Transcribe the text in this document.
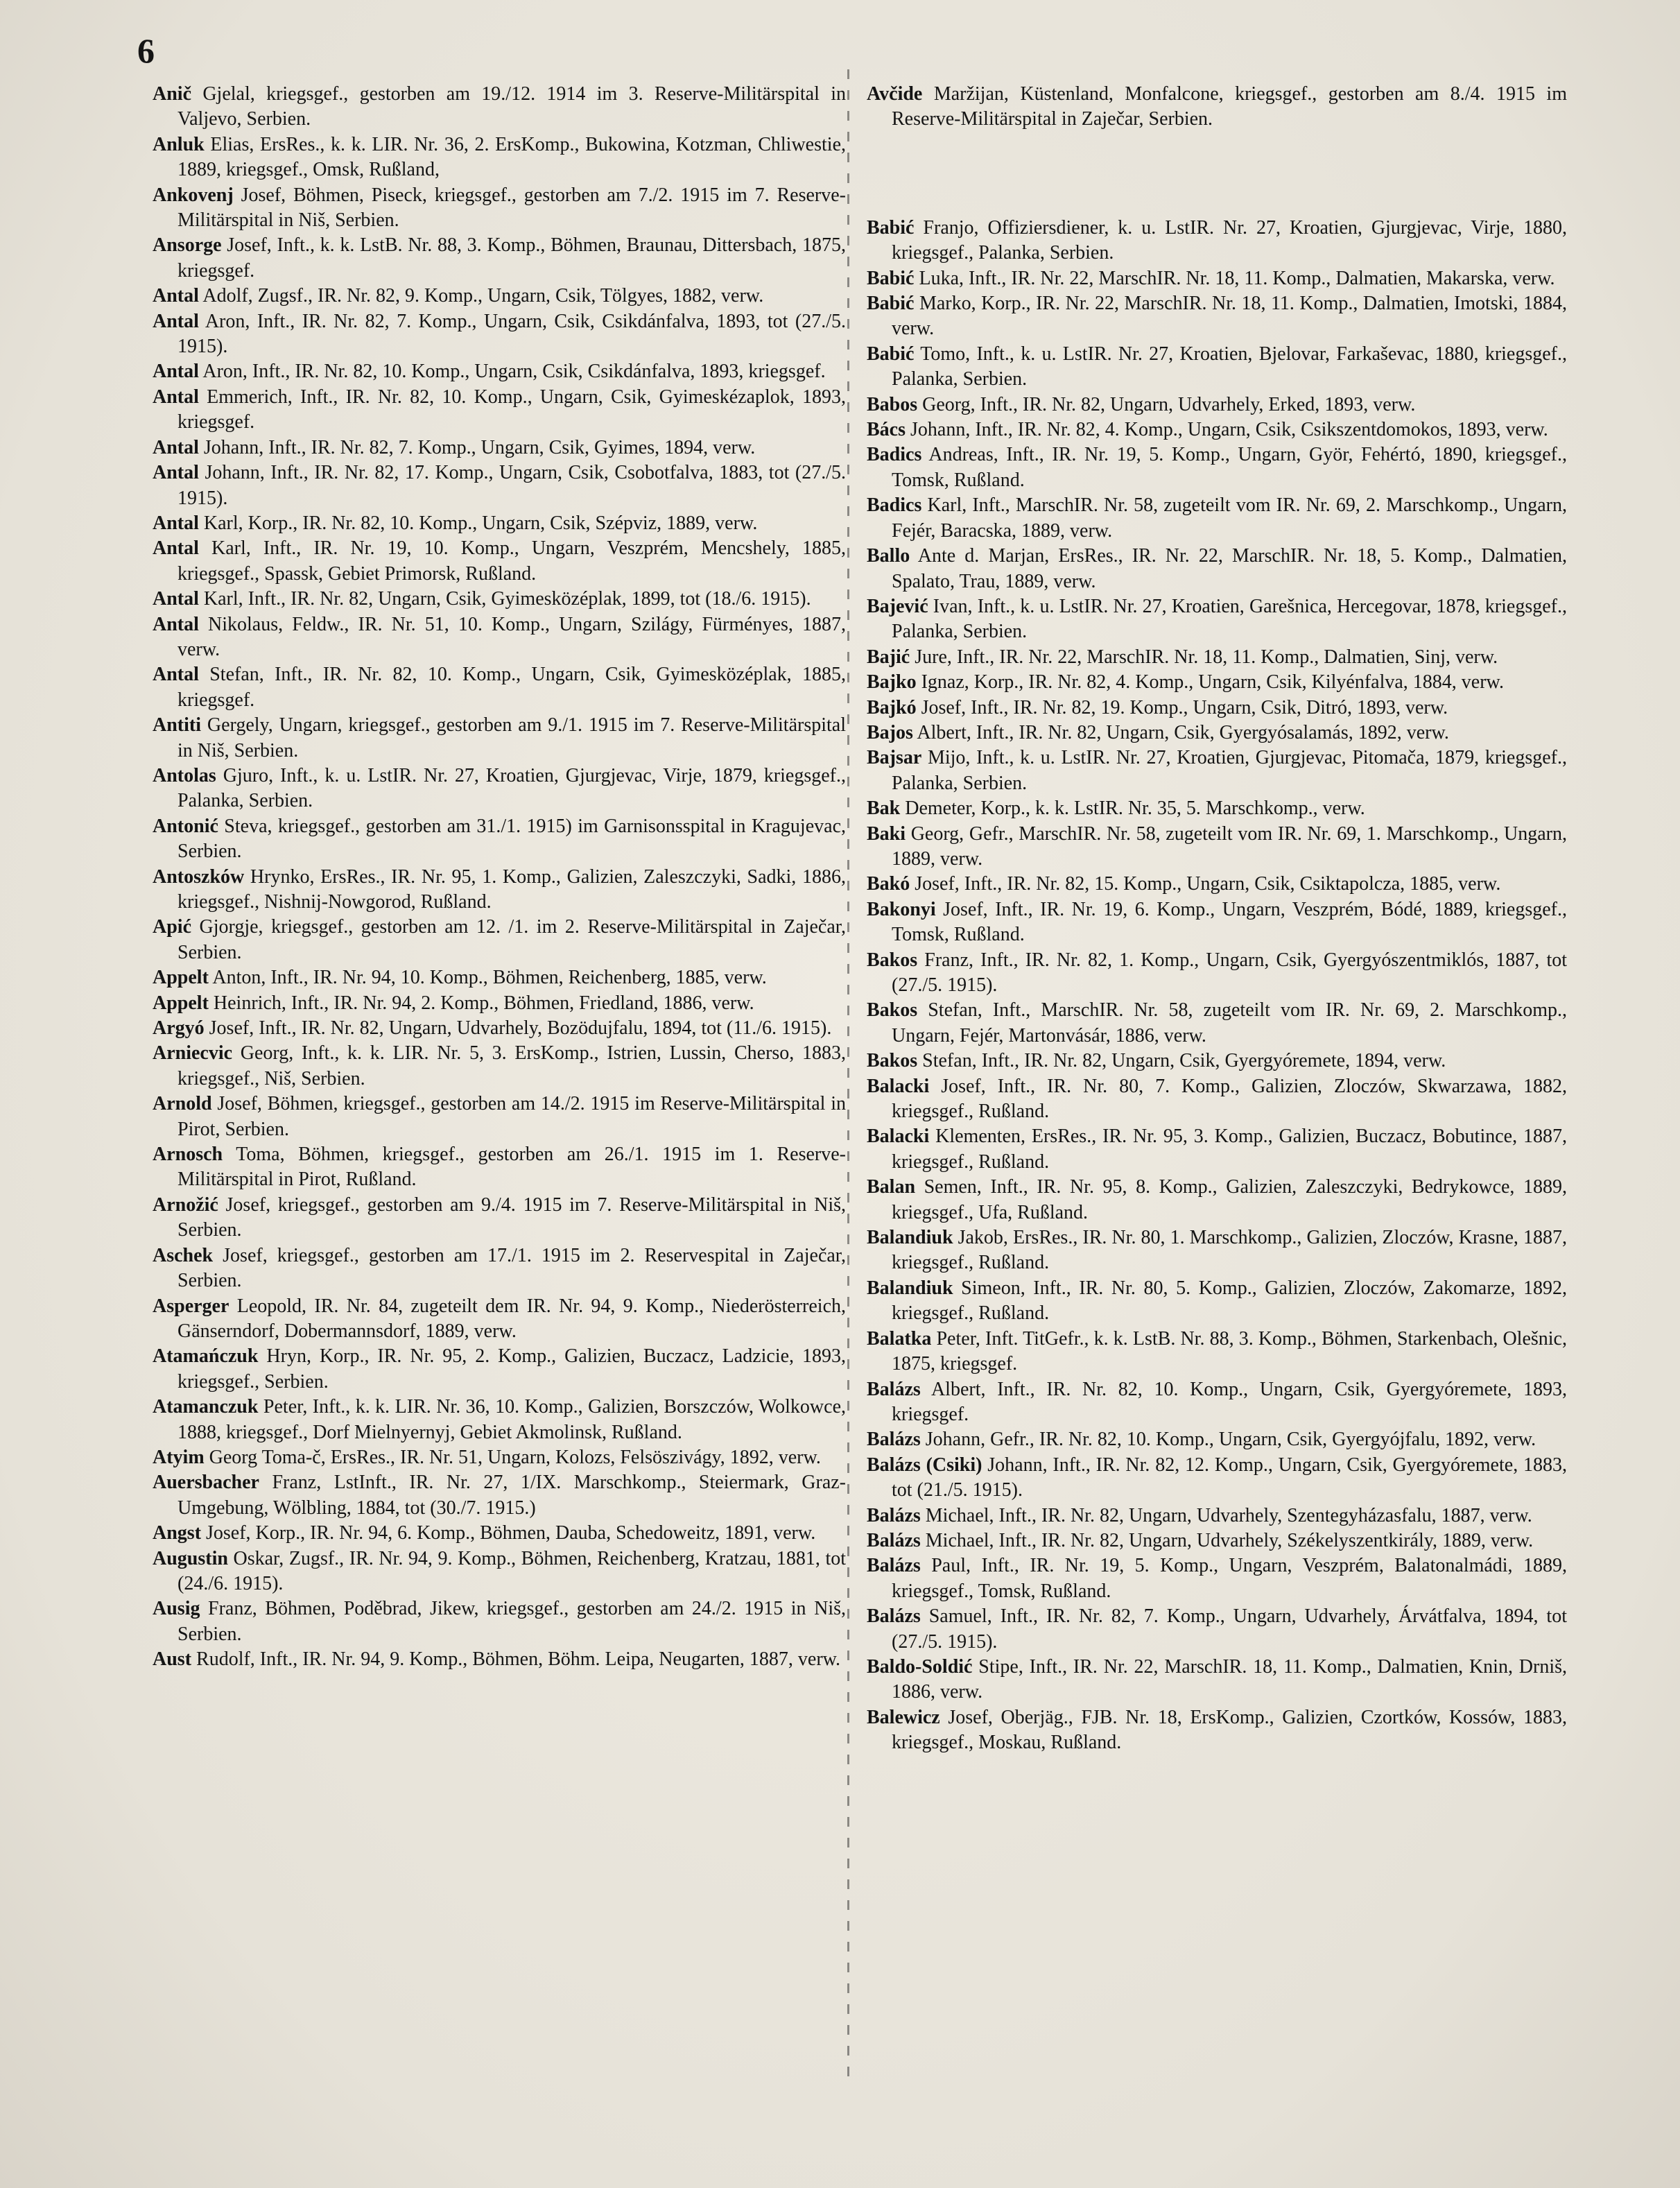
6

Anič Gjelal, kriegsgef., gestorben am 19./12. 1914 im 3. Reserve-Militärspital in Valjevo, Serbien.

Anluk Elias, ErsRes., k. k. LIR. Nr. 36, 2. ErsKomp., Bukowina, Kotzman, Chliwestie, 1889, kriegsgef., Omsk, Rußland,

Ankovenj Josef, Böhmen, Piseck, kriegsgef., gestorben am 7./2. 1915 im 7. Reserve-Militärspital in Niš, Serbien.

Ansorge Josef, Inft., k. k. LstB. Nr. 88, 3. Komp., Böhmen, Braunau, Dittersbach, 1875, kriegsgef.

Antal Adolf, Zugsf., IR. Nr. 82, 9. Komp., Ungarn, Csik, Tölgyes, 1882, verw.

Antal Aron, Inft., IR. Nr. 82, 7. Komp., Ungarn, Csik, Csikdánfalva, 1893, tot (27./5. 1915).

Antal Aron, Inft., IR. Nr. 82, 10. Komp., Ungarn, Csik, Csikdánfalva, 1893, kriegsgef.

Antal Emmerich, Inft., IR. Nr. 82, 10. Komp., Ungarn, Csik, Gyimeskézaplok, 1893, kriegsgef.

Antal Johann, Inft., IR. Nr. 82, 7. Komp., Ungarn, Csik, Gyimes, 1894, verw.

Antal Johann, Inft., IR. Nr. 82, 17. Komp., Ungarn, Csik, Csobotfalva, 1883, tot (27./5. 1915).

Antal Karl, Korp., IR. Nr. 82, 10. Komp., Ungarn, Csik, Szépviz, 1889, verw.

Antal Karl, Inft., IR. Nr. 19, 10. Komp., Ungarn, Veszprém, Mencshely, 1885, kriegsgef., Spassk, Gebiet Primorsk, Rußland.

Antal Karl, Inft., IR. Nr. 82, Ungarn, Csik, Gyimesközéplak, 1899, tot (18./6. 1915).

Antal Nikolaus, Feldw., IR. Nr. 51, 10. Komp., Ungarn, Szilágy, Fürményes, 1887, verw.

Antal Stefan, Inft., IR. Nr. 82, 10. Komp., Ungarn, Csik, Gyimesközéplak, 1885, kriegsgef.

Antiti Gergely, Ungarn, kriegsgef., gestorben am 9./1. 1915 im 7. Reserve-Militärspital in Niš, Serbien.

Antolas Gjuro, Inft., k. u. LstIR. Nr. 27, Kroatien, Gjurgjevac, Virje, 1879, kriegsgef., Palanka, Serbien.

Antonić Steva, kriegsgef., gestorben am 31./1. 1915) im Garnisonsspital in Kragujevac, Serbien.

Antoszków Hrynko, ErsRes., IR. Nr. 95, 1. Komp., Galizien, Zaleszczyki, Sadki, 1886, kriegsgef., Nishnij-Nowgorod, Rußland.

Apić Gjorgje, kriegsgef., gestorben am 12. /1. im 2. Reserve-Militärspital in Zaječar, Serbien.

Appelt Anton, Inft., IR. Nr. 94, 10. Komp., Böhmen, Reichenberg, 1885, verw.

Appelt Heinrich, Inft., IR. Nr. 94, 2. Komp., Böhmen, Friedland, 1886, verw.

Argyó Josef, Inft., IR. Nr. 82, Ungarn, Udvarhely, Bozödujfalu, 1894, tot (11./6. 1915).

Arniecvic Georg, Inft., k. k. LIR. Nr. 5, 3. ErsKomp., Istrien, Lussin, Cherso, 1883, kriegsgef., Niš, Serbien.

Arnold Josef, Böhmen, kriegsgef., gestorben am 14./2. 1915 im Reserve-Militärspital in Pirot, Serbien.

Arnosch Toma, Böhmen, kriegsgef., gestorben am 26./1. 1915 im 1. Reserve-Militärspital in Pirot, Rußland.

Arnožić Josef, kriegsgef., gestorben am 9./4. 1915 im 7. Reserve-Militärspital in Niš, Serbien.

Aschek Josef, kriegsgef., gestorben am 17./1. 1915 im 2. Reservespital in Zaječar, Serbien.

Asperger Leopold, IR. Nr. 84, zugeteilt dem IR. Nr. 94, 9. Komp., Niederösterreich, Gänserndorf, Dobermannsdorf, 1889, verw.

Atamańczuk Hryn, Korp., IR. Nr. 95, 2. Komp., Galizien, Buczacz, Ladzicie, 1893, kriegsgef., Serbien.

Atamanczuk Peter, Inft., k. k. LIR. Nr. 36, 10. Komp., Galizien, Borszczów, Wolkowce, 1888, kriegsgef., Dorf Mielnyernyj, Gebiet Akmolinsk, Rußland.

Atyim Georg Toma-č, ErsRes., IR. Nr. 51, Ungarn, Kolozs, Felsöszivágy, 1892, verw.

Auersbacher Franz, LstInft., IR. Nr. 27, 1/IX. Marschkomp., Steiermark, Graz-Umgebung, Wölbling, 1884, tot (30./7. 1915.)

Angst Josef, Korp., IR. Nr. 94, 6. Komp., Böhmen, Dauba, Schedoweitz, 1891, verw.

Augustin Oskar, Zugsf., IR. Nr. 94, 9. Komp., Böhmen, Reichenberg, Kratzau, 1881, tot (24./6. 1915).

Ausig Franz, Böhmen, Poděbrad, Jikew, kriegsgef., gestorben am 24./2. 1915 in Niš, Serbien.

Aust Rudolf, Inft., IR. Nr. 94, 9. Komp., Böhmen, Böhm. Leipa, Neugarten, 1887, verw.

Avčide Maržijan, Küstenland, Monfalcone, kriegsgef., gestorben am 8./4. 1915 im Reserve-Militärspital in Zaječar, Serbien.

Babić Franjo, Offiziersdiener, k. u. LstIR. Nr. 27, Kroatien, Gjurgjevac, Virje, 1880, kriegsgef., Palanka, Serbien.

Babić Luka, Inft., IR. Nr. 22, MarschIR. Nr. 18, 11. Komp., Dalmatien, Makarska, verw.

Babić Marko, Korp., IR. Nr. 22, MarschIR. Nr. 18, 11. Komp., Dalmatien, Imotski, 1884, verw.

Babić Tomo, Inft., k. u. LstIR. Nr. 27, Kroatien, Bjelovar, Farkaševac, 1880, kriegsgef., Palanka, Serbien.

Babos Georg, Inft., IR. Nr. 82, Ungarn, Udvarhely, Erked, 1893, verw.

Bács Johann, Inft., IR. Nr. 82, 4. Komp., Ungarn, Csik, Csikszentdomokos, 1893, verw.

Badics Andreas, Inft., IR. Nr. 19, 5. Komp., Ungarn, Györ, Fehértó, 1890, kriegsgef., Tomsk, Rußland.

Badics Karl, Inft., MarschIR. Nr. 58, zugeteilt vom IR. Nr. 69, 2. Marschkomp., Ungarn, Fejér, Baracska, 1889, verw.

Ballo Ante d. Marjan, ErsRes., IR. Nr. 22, MarschIR. Nr. 18, 5. Komp., Dalmatien, Spalato, Trau, 1889, verw.

Bajević Ivan, Inft., k. u. LstIR. Nr. 27, Kroatien, Garešnica, Hercegovar, 1878, kriegsgef., Palanka, Serbien.

Bajić Jure, Inft., IR. Nr. 22, MarschIR. Nr. 18, 11. Komp., Dalmatien, Sinj, verw.

Bajko Ignaz, Korp., IR. Nr. 82, 4. Komp., Ungarn, Csik, Kilyénfalva, 1884, verw.

Bajkó Josef, Inft., IR. Nr. 82, 19. Komp., Ungarn, Csik, Ditró, 1893, verw.

Bajos Albert, Inft., IR. Nr. 82, Ungarn, Csik, Gyergyósalamás, 1892, verw.

Bajsar Mijo, Inft., k. u. LstIR. Nr. 27, Kroatien, Gjurgjevac, Pitomača, 1879, kriegsgef., Palanka, Serbien.

Bak Demeter, Korp., k. k. LstIR. Nr. 35, 5. Marschkomp., verw.

Baki Georg, Gefr., MarschIR. Nr. 58, zugeteilt vom IR. Nr. 69, 1. Marschkomp., Ungarn, 1889, verw.

Bakó Josef, Inft., IR. Nr. 82, 15. Komp., Ungarn, Csik, Csiktapolcza, 1885, verw.

Bakonyi Josef, Inft., IR. Nr. 19, 6. Komp., Ungarn, Veszprém, Bódé, 1889, kriegsgef., Tomsk, Rußland.

Bakos Franz, Inft., IR. Nr. 82, 1. Komp., Ungarn, Csik, Gyergyószentmiklós, 1887, tot (27./5. 1915).

Bakos Stefan, Inft., MarschIR. Nr. 58, zugeteilt vom IR. Nr. 69, 2. Marschkomp., Ungarn, Fejér, Martonvásár, 1886, verw.

Bakos Stefan, Inft., IR. Nr. 82, Ungarn, Csik, Gyergyóremete, 1894, verw.

Balacki Josef, Inft., IR. Nr. 80, 7. Komp., Galizien, Zloczów, Skwarzawa, 1882, kriegsgef., Rußland.

Balacki Klementen, ErsRes., IR. Nr. 95, 3. Komp., Galizien, Buczacz, Bobutince, 1887, kriegsgef., Rußland.

Balan Semen, Inft., IR. Nr. 95, 8. Komp., Galizien, Zaleszczyki, Bedrykowce, 1889, kriegsgef., Ufa, Rußland.

Balandiuk Jakob, ErsRes., IR. Nr. 80, 1. Marschkomp., Galizien, Zloczów, Krasne, 1887, kriegsgef., Rußland.

Balandiuk Simeon, Inft., IR. Nr. 80, 5. Komp., Galizien, Zloczów, Zakomarze, 1892, kriegsgef., Rußland.

Balatka Peter, Inft. TitGefr., k. k. LstB. Nr. 88, 3. Komp., Böhmen, Starkenbach, Olešnic, 1875, kriegsgef.

Balázs Albert, Inft., IR. Nr. 82, 10. Komp., Ungarn, Csik, Gyergyóremete, 1893, kriegsgef.

Balázs Johann, Gefr., IR. Nr. 82, 10. Komp., Ungarn, Csik, Gyergyójfalu, 1892, verw.

Balázs (Csiki) Johann, Inft., IR. Nr. 82, 12. Komp., Ungarn, Csik, Gyergyóremete, 1883, tot (21./5. 1915).

Balázs Michael, Inft., IR. Nr. 82, Ungarn, Udvarhely, Szentegyházasfalu, 1887, verw.

Balázs Michael, Inft., IR. Nr. 82, Ungarn, Udvarhely, Székelyszentkirály, 1889, verw.

Balázs Paul, Inft., IR. Nr. 19, 5. Komp., Ungarn, Veszprém, Balatonalmádi, 1889, kriegsgef., Tomsk, Rußland.

Balázs Samuel, Inft., IR. Nr. 82, 7. Komp., Ungarn, Udvarhely, Árvátfalva, 1894, tot (27./5. 1915).

Baldo-Soldić Stipe, Inft., IR. Nr. 22, MarschIR. 18, 11. Komp., Dalmatien, Knin, Drniš, 1886, verw.

Balewicz Josef, Oberjäg., FJB. Nr. 18, ErsKomp., Galizien, Czortków, Kossów, 1883, kriegsgef., Moskau, Rußland.
